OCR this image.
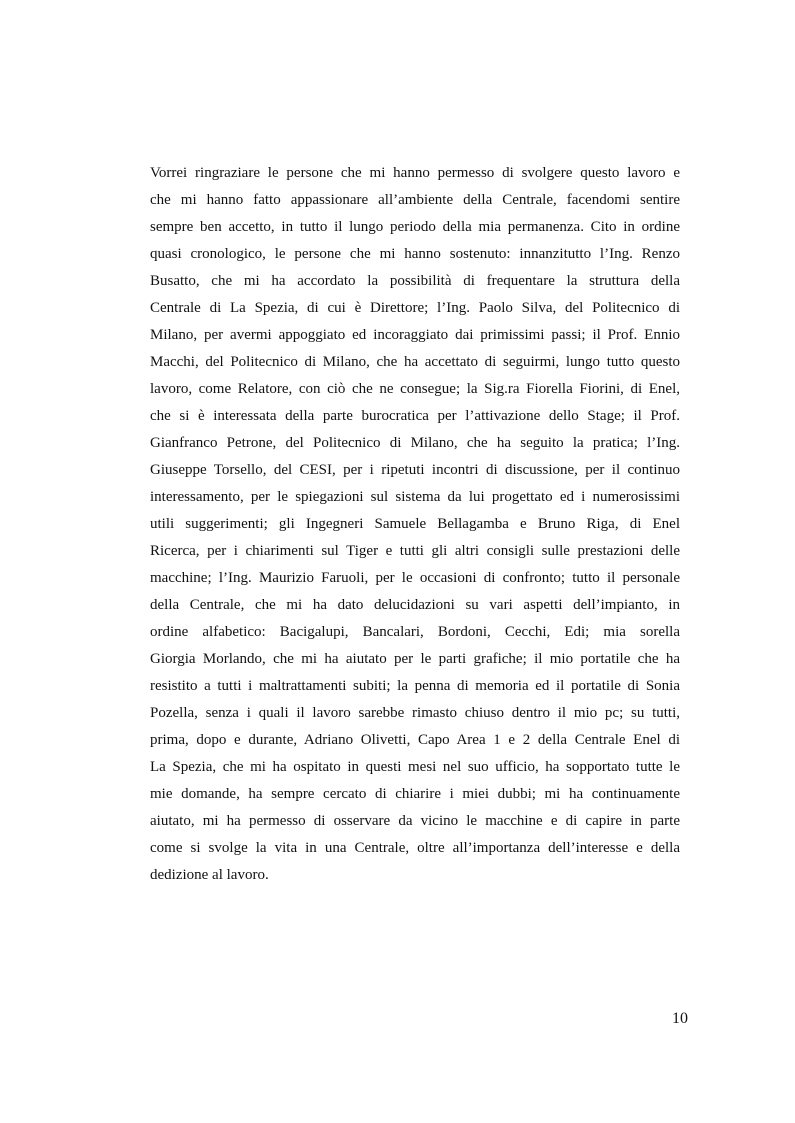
Vorrei ringraziare le persone che mi hanno permesso di svolgere questo lavoro e
che mi hanno fatto appassionare all’ambiente della Centrale, facendomi sentire
sempre ben accetto, in tutto il lungo periodo della mia permanenza. Cito in ordine
quasi cronologico, le persone che mi hanno sostenuto: innanzitutto l’Ing. Renzo
Busatto, che mi ha accordato la possibilità di frequentare la struttura della
Centrale di La Spezia, di cui è Direttore; l’Ing. Paolo Silva, del Politecnico di
Milano, per avermi appoggiato ed incoraggiato dai primissimi passi; il Prof. Ennio
Macchi, del Politecnico di Milano, che ha accettato di seguirmi, lungo tutto questo
lavoro, come Relatore, con ciò che ne consegue; la Sig.ra Fiorella Fiorini, di Enel,
che si è interessata della parte burocratica per l’attivazione dello Stage; il Prof.
Gianfranco Petrone, del Politecnico di Milano, che ha seguito la pratica; l’Ing.
Giuseppe Torsello, del CESI, per i ripetuti incontri di discussione, per il continuo
interessamento, per le spiegazioni sul sistema da lui progettato ed i numerosissimi
utili suggerimenti; gli Ingegneri Samuele Bellagamba e Bruno Riga, di Enel
Ricerca, per i chiarimenti sul Tiger e tutti gli altri consigli sulle prestazioni delle
macchine; l’Ing. Maurizio Faruoli, per le occasioni di confronto; tutto il personale
della Centrale, che mi ha dato delucidazioni su vari aspetti dell’impianto, in
ordine alfabetico: Bacigalupi, Bancalari, Bordoni, Cecchi, Edi; mia sorella
Giorgia Morlando, che mi ha aiutato per le parti grafiche; il mio portatile che ha
resistito a tutti i maltrattamenti subiti; la penna di memoria ed il portatile di Sonia
Pozella, senza i quali il lavoro sarebbe rimasto chiuso dentro il mio pc; su tutti,
prima, dopo e durante, Adriano Olivetti, Capo Area 1 e 2 della Centrale Enel di
La Spezia, che mi ha ospitato in questi mesi nel suo ufficio, ha sopportato tutte le
mie domande, ha sempre cercato di chiarire i miei dubbi; mi ha continuamente
aiutato, mi ha permesso di osservare da vicino le macchine e di capire in parte
come si svolge la vita in una Centrale, oltre all’importanza dell’interesse e della
dedizione al lavoro.

10
